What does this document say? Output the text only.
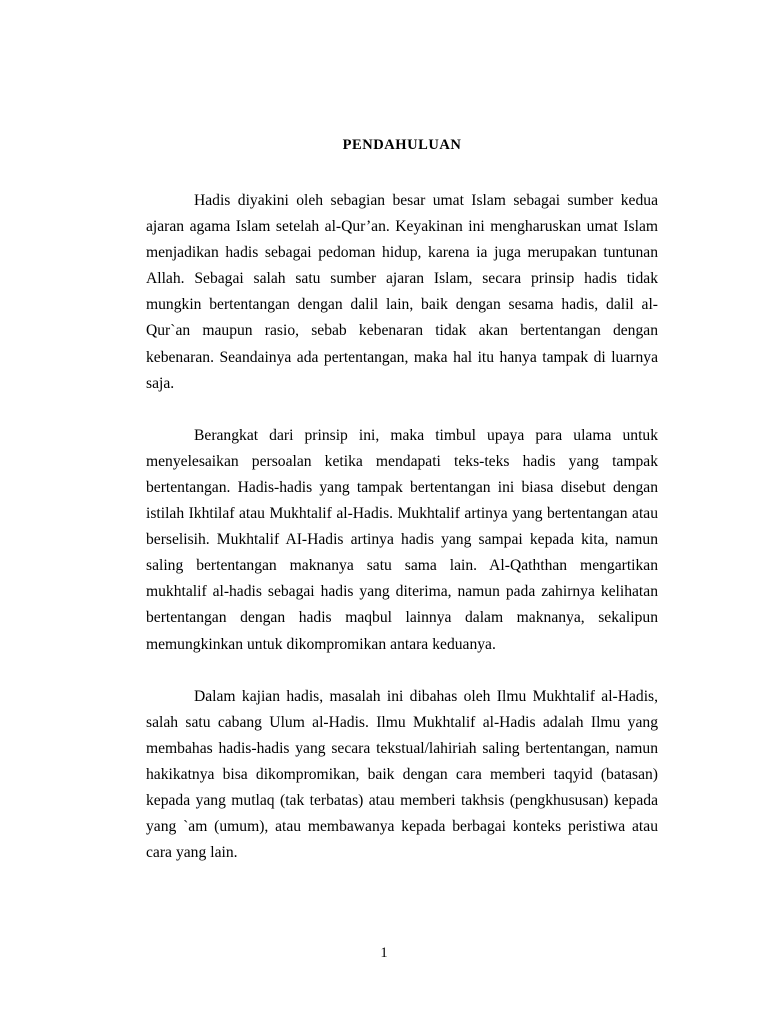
PENDAHULUAN

Hadis diyakini oleh sebagian besar umat Islam sebagai sumber kedua ajaran agama Islam setelah al-Qur’an. Keyakinan ini mengharuskan umat Islam menjadikan hadis sebagai pedoman hidup, karena ia juga merupakan tuntunan Allah. Sebagai salah satu sumber ajaran Islam, secara prinsip hadis tidak mungkin bertentangan dengan dalil lain, baik dengan sesama hadis, dalil al-Qur`an maupun rasio, sebab kebenaran tidak akan bertentangan dengan kebenaran. Seandainya ada pertentangan, maka hal itu hanya tampak di luarnya saja.

Berangkat dari prinsip ini, maka timbul upaya para ulama untuk menyelesaikan persoalan ketika mendapati teks-teks hadis yang tampak bertentangan. Hadis-hadis yang tampak bertentangan ini biasa disebut dengan istilah Ikhtilaf atau Mukhtalif al-Hadis. Mukhtalif artinya yang bertentangan atau berselisih. Mukhtalif AI-Hadis artinya hadis yang sampai kepada kita, namun saling bertentangan maknanya satu sama lain. Al-Qaththan mengartikan mukhtalif al-hadis sebagai hadis yang diterima, namun pada zahirnya kelihatan bertentangan dengan hadis maqbul lainnya dalam maknanya, sekalipun memungkinkan untuk dikompromikan antara keduanya.

Dalam kajian hadis, masalah ini dibahas oleh Ilmu Mukhtalif al-Hadis, salah satu cabang Ulum al-Hadis. Ilmu Mukhtalif al-Hadis adalah Ilmu yang membahas hadis-hadis yang secara tekstual/lahiriah saling bertentangan, namun hakikatnya bisa dikompromikan, baik dengan cara memberi taqyid (batasan) kepada yang mutlaq (tak terbatas) atau memberi takhsis (pengkhususan) kepada yang `am (umum), atau membawanya kepada berbagai konteks peristiwa atau cara yang lain.

1
